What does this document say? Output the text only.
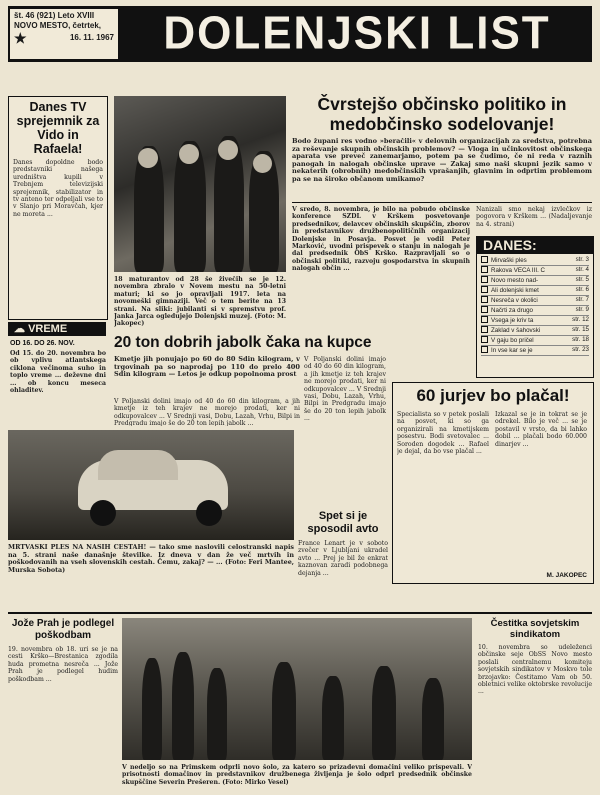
št. 46 (921) Leto XVIII
NOVO MESTO, četrtek,
★	16. 11. 1967	DOLENJSKI LIST
Danes TV sprejemnik za Vido in Rafaela!
Danes dopoldne bodo predstavniki našega uredništva kupili v Trebnjem televizijski sprejemnik, stabilizator in tv anteno ter odpeljali vse to v Slanjo pri Moravčah, kjer ne moreta ...
☁ VREME
OD 16. DO 26. NOV.
Od 15. do 20. novembra bo ob vplivu atlantskega ciklona večinoma suho in toplo vreme ... deževne dni ... ob koncu meseca ohladitev.
18 maturantov od 28 še živečih se je 12. novembra zbralo v Novem mestu na 50-letni maturi; ki so jo opravljali 1917. leta na novomeški gimnaziji. Več o tem berite na 13 strani. Na sliki: jubilanti si v spremstvu prof. Janka Jarca ogledujejo Dolenjski muzej. (Foto: M. Jakopec)
Čvrstejšo občinsko politiko in medobčinsko sodelovanje!
Bodo župani res vodno »beračili« v delovnih organizacijah za sredstva, potrebna za reševanje skupnih občinskih problemov? — Vloga in učinkovitost občinskega aparata vse preveč zanemarjamo, potem pa se čudimo, če ni reda v raznih panogah in nalogah občinske uprave — Zakaj smo naši skupni jezik samo v nekaterih (obrobnih) medobčinskih vprašanjih, glavnim in odprtim problemom pa se na široko občanom umikamo?
V sredo, 8. novembra, je bilo na pobudo občinske konference SZDL v Krškem posvetovanje predsednikov, delavcev občinskih skupščin, zborov in predstavnikov družbenopolitičnih organizacij Dolenjske in Posavja. Posvet je vodil Peter Marković, uvodni prispevek o stanju in nalogah je dal predsednik ObS Krško. Razpravljali so o občinski politiki, razvoju gospodarstva in skupnih nalogah občin ...
Nanizali smo nekaj izvlečkov iz pogovora v Krškem ... (Nadaljevanje na 4. strani)
DANES:
Mirvaški ples	str. 3
Rakova VECA III. C	str. 4
Novo mesto nad-	str. 5
Ali dolenjski kmet	str. 6
Nesreča v okolici	str. 7
Načrti za drugo	str. 9
Vsega je kriv ta	str. 12
Zaklad v šahovski	str. 15
V gaju bo pričel	str. 18
In vse kar se je	str. 23
20 ton dobrih jabolk čaka na kupce
Kmetje jih ponujajo po 60 do 80 Sdin kilogram, v trgovinah pa so naprodaj po 110 do prelo 400 Sdin kilogram — Letos je odkup popolnoma prost
V Poljanski dolini imajo od 40 do 60 din kilogram, a jih kmetje iz teh krajev ne morejo prodati, ker ni odkupovalcev ... V Srednji vasi, Dobu, Lazah, Vrhu, Bilpi in Predgradu imajo še do 20 ton lepih jabolk ...
V Poljanski dolini imajo od 40 do 60 din kilogram, a jih kmetje iz teh krajev ne morejo prodati, ker ni odkupovalcev ... V Srednji vasi, Dobu, Lazah, Vrhu, Bilpi in Predgradu imajo še do 20 ton lepih jabolk ...
60 jurjev bo plačal!
Specialista so v petek poslali na posvet, ki so ga organizirali na kmetijskem posestvu. Bodi svetovalec ... Soroden dogodek ... Rafael je dejal, da bo vse plačal ...
Izkazal se je in tokrat se je odrekel. Bilo je več ... se je postavil v vrsto, da bi lahko dobil ... plačali bodo 60.000 dinarjev ...
M. JAKOPEC
MRTVAŠKI PLES NA NAŠIH CESTAH! — tako sme naslovili celostranski napis na 5. strani naše današnje številke. Iz dneva v dan že več mrtvih in poškodovanih na vseh slovenskih cestah. Čemu, zakaj? — ... (Foto: Feri Mantee, Murska Sobota)
Spet si je sposodil avto
France Lenart je v soboto zvečer v Ljubljani ukradel avto ... Prej je bil že enkrat kaznovan zaradi podobnega dejanja ...
Jože Prah je podlegel poškodbam
19. novembra ob 18. uri se je na cesti Krško—Brestanica zgodila huda prometna nesreča ... Jože Prah je podlegel hudim poškodbam ...
V nedeljo so na Primskem odprli novo šolo, za katero so prizadevni domačini veliko prispevali. V prisotnosti domačinov in predstavnikov družbenega življenja je šolo odprl predsednik občinske skupščine Severin Prešeren. (Foto: Mirko Vesel)
Čestitka sovjetskim sindikatom
10. novembra so udeleženci občinske seje ObSS Novo mesto poslali centralnemu komiteju sovjetskih sindikatov v Moskvo tole brzojavko: Čestitamo Vam ob 50. obletnici velike oktobrske revolucije ...
